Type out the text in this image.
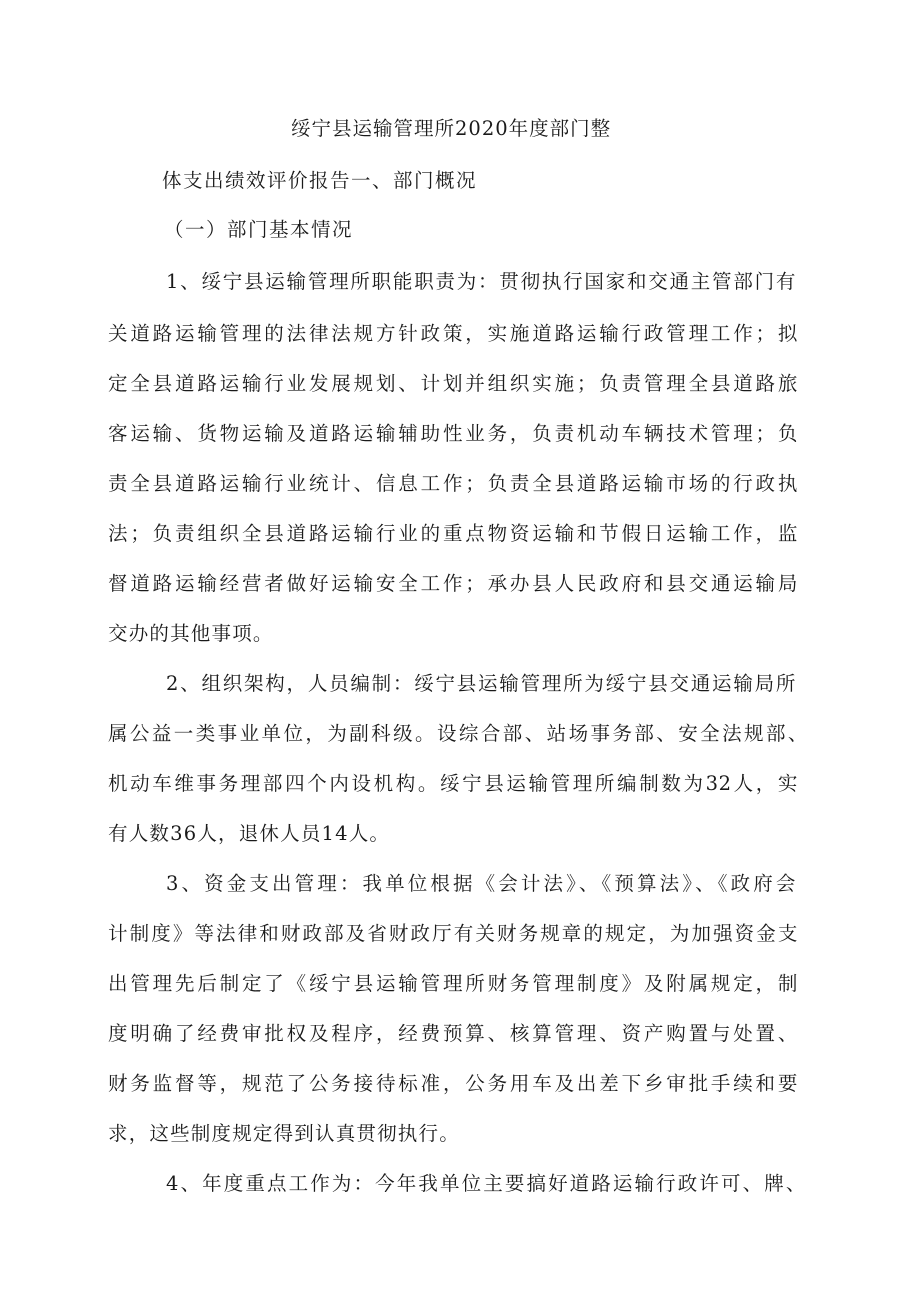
绥宁县运输管理所2020年度部门整
体支出绩效评价报告一、部门概况
（一）部门基本情况
1、绥宁县运输管理所职能职责为：贯彻执行国家和交通主管部门有
关道路运输管理的法律法规方针政策，实施道路运输行政管理工作；拟
定全县道路运输行业发展规划、计划并组织实施；负责管理全县道路旅
客运输、货物运输及道路运输辅助性业务，负责机动车辆技术管理；负
责全县道路运输行业统计、信息工作；负责全县道路运输市场的行政执
法；负责组织全县道路运输行业的重点物资运输和节假日运输工作，监
督道路运输经营者做好运输安全工作；承办县人民政府和县交通运输局
交办的其他事项。
2、组织架构，人员编制：绥宁县运输管理所为绥宁县交通运输局所
属公益一类事业单位，为副科级。设综合部、站场事务部、安全法规部、
机动车维事务理部四个内设机构。绥宁县运输管理所编制数为32人，实
有人数36人，退休人员14人。
3、资金支出管理：我单位根据《会计法》、《预算法》、《政府会
计制度》等法律和财政部及省财政厅有关财务规章的规定，为加强资金支
出管理先后制定了《绥宁县运输管理所财务管理制度》及附属规定，制
度明确了经费审批权及程序，经费预算、核算管理、资产购置与处置、
财务监督等，规范了公务接待标准，公务用车及出差下乡审批手续和要
求，这些制度规定得到认真贯彻执行。
4、年度重点工作为：今年我单位主要搞好道路运输行政许可、牌、
